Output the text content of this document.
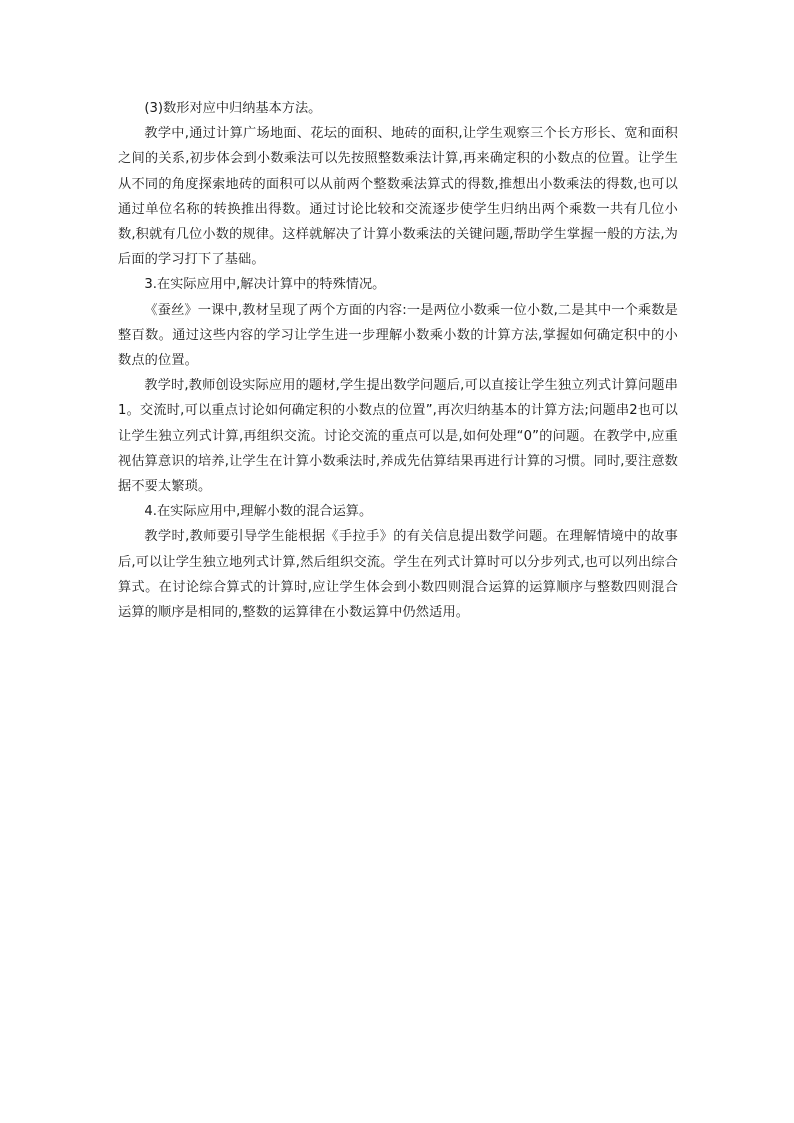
(3)数形对应中归纳基本方法。

教学中,通过计算广场地面、花坛的面积、地砖的面积,让学生观察三个长方形长、宽和面积之间的关系,初步体会到小数乘法可以先按照整数乘法计算,再来确定积的小数点的位置。让学生从不同的角度探索地砖的面积可以从前两个整数乘法算式的得数,推想出小数乘法的得数,也可以通过单位名称的转换推出得数。通过讨论比较和交流逐步使学生归纳出两个乘数一共有几位小数,积就有几位小数的规律。这样就解决了计算小数乘法的关键问题,帮助学生掌握一般的方法,为后面的学习打下了基础。

3.在实际应用中,解决计算中的特殊情况。

《蚕丝》一课中,教材呈现了两个方面的内容:一是两位小数乘一位小数,二是其中一个乘数是整百数。通过这些内容的学习让学生进一步理解小数乘小数的计算方法,掌握如何确定积中的小数点的位置。

教学时,教师创设实际应用的题材,学生提出数学问题后,可以直接让学生独立列式计算问题串1。交流时,可以重点讨论如何确定积的小数点的位置”,再次归纳基本的计算方法;问题串2也可以让学生独立列式计算,再组织交流。讨论交流的重点可以是,如何处理“0”的问题。在教学中,应重视估算意识的培养,让学生在计算小数乘法时,养成先估算结果再进行计算的习惯。同时,要注意数据不要太繁琐。

4.在实际应用中,理解小数的混合运算。

教学时,教师要引导学生能根据《手拉手》的有关信息提出数学问题。在理解情境中的故事后,可以让学生独立地列式计算,然后组织交流。学生在列式计算时可以分步列式,也可以列出综合算式。在讨论综合算式的计算时,应让学生体会到小数四则混合运算的运算顺序与整数四则混合运算的顺序是相同的,整数的运算律在小数运算中仍然适用。
